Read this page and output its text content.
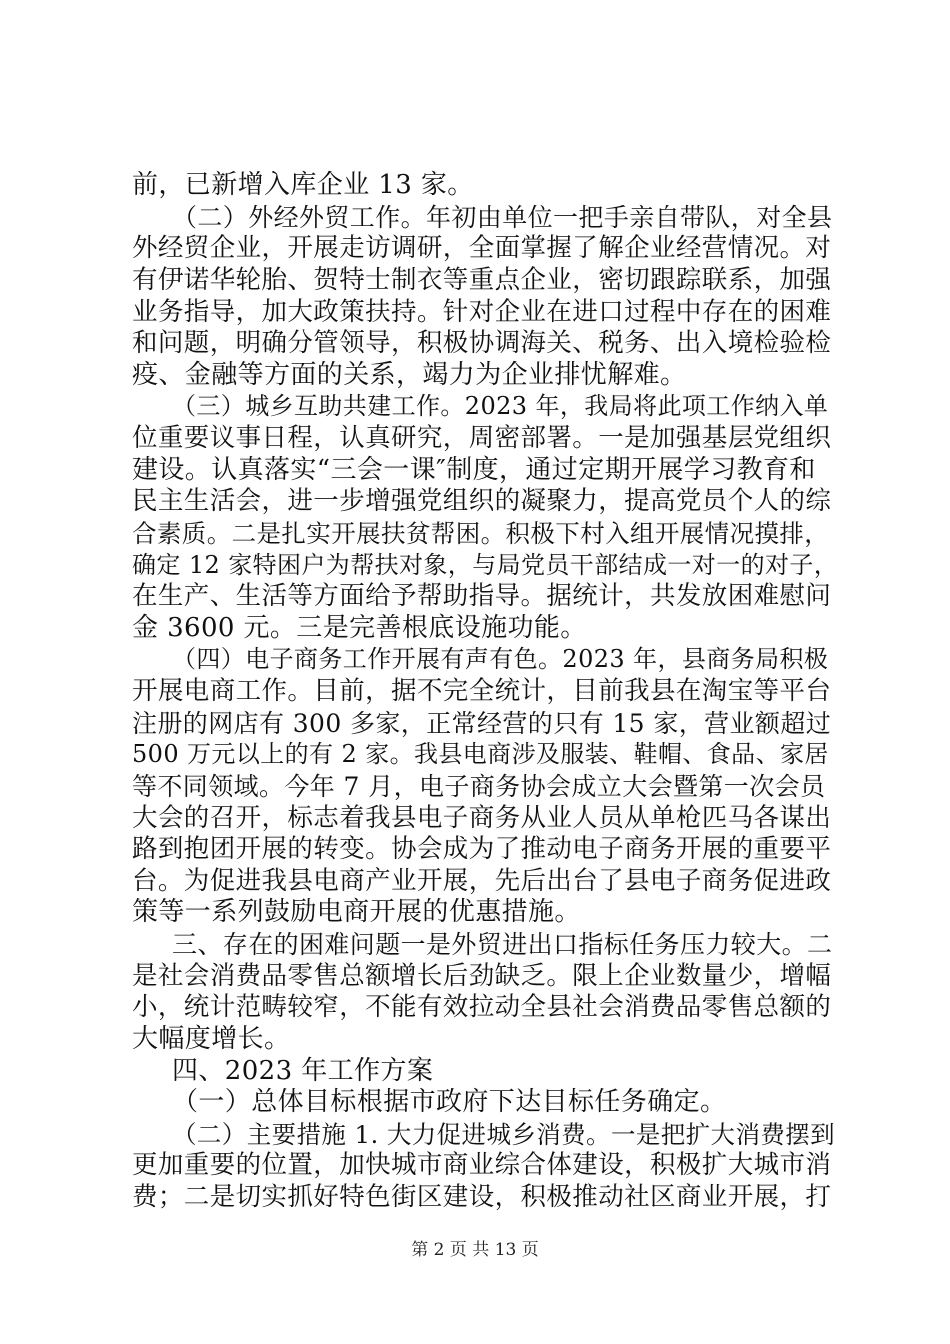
前，已新增入库企业 13 家。
（二）外经外贸工作。年初由单位一把手亲自带队，对全县
外经贸企业，开展走访调研，全面掌握了解企业经营情况。对
有伊诺华轮胎、贺特士制衣等重点企业，密切跟踪联系，加强
业务指导，加大政策扶持。针对企业在进口过程中存在的困难
和问题，明确分管领导，积极协调海关、税务、出入境检验检
疫、金融等方面的关系，竭力为企业排忧解难。
（三）城乡互助共建工作。2023 年，我局将此项工作纳入单
位重要议事日程，认真研究，周密部署。一是加强基层党组织
建设。认真落实“三会一课″制度，通过定期开展学习教育和
民主生活会，进一步增强党组织的凝聚力，提高党员个人的综
合素质。二是扎实开展扶贫帮困。积极下村入组开展情况摸排，
确定 12 家特困户为帮扶对象，与局党员干部结成一对一的对子，
在生产、生活等方面给予帮助指导。据统计，共发放困难慰问
金 3600 元。三是完善根底设施功能。
（四）电子商务工作开展有声有色。2023 年，县商务局积极
开展电商工作。目前，据不完全统计，目前我县在淘宝等平台
注册的网店有 300 多家，正常经营的只有 15 家，营业额超过
500 万元以上的有 2 家。我县电商涉及服装、鞋帽、食品、家居
等不同领域。今年 7 月，电子商务协会成立大会暨第一次会员
大会的召开，标志着我县电子商务从业人员从单枪匹马各谋出
路到抱团开展的转变。协会成为了推动电子商务开展的重要平
台。为促进我县电商产业开展，先后出台了县电子商务促进政
策等一系列鼓励电商开展的优惠措施。
三、存在的困难问题一是外贸进出口指标任务压力较大。二
是社会消费品零售总额增长后劲缺乏。限上企业数量少，增幅
小，统计范畴较窄，不能有效拉动全县社会消费品零售总额的
大幅度增长。
四、2023 年工作方案
（一）总体目标根据市政府下达目标任务确定。
（二）主要措施 1. 大力促进城乡消费。一是把扩大消费摆到
更加重要的位置，加快城市商业综合体建设，积极扩大城市消
费；二是切实抓好特色街区建设，积极推动社区商业开展，打
第 2 页 共 13 页
